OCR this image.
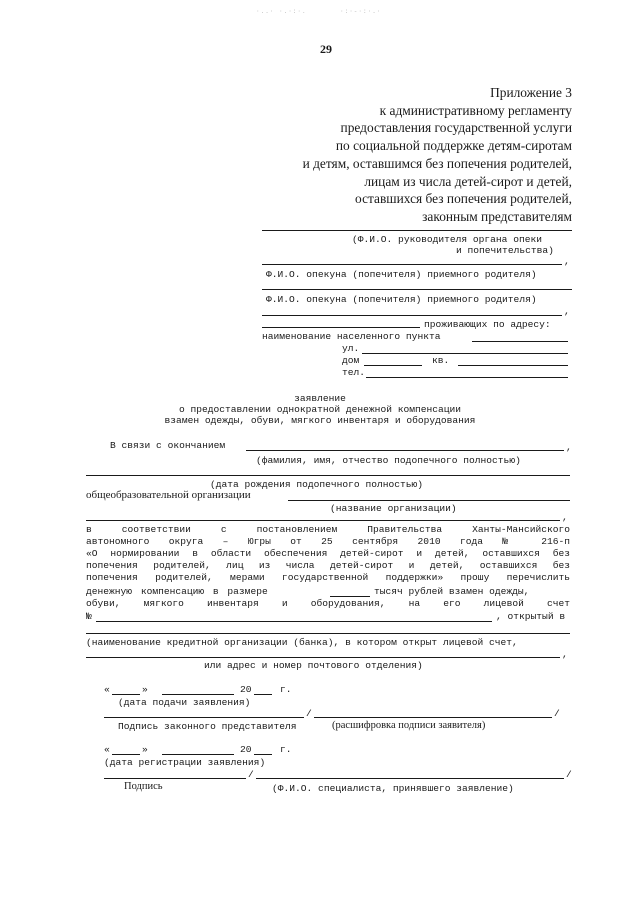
·..· ·.·:·.	·:·-·:·.·
29
Приложение 3
к административному регламенту
предоставления государственной услуги
по социальной поддержке детям-сиротам
и детям, оставшимся без попечения родителей,
лицам из числа детей-сирот и детей,
оставшихся без попечения родителей,
законным представителям
(Ф.И.О. руководителя органа опеки
и попечительства)
,
Ф.И.О. опекуна (попечителя) приемного родителя)
Ф.И.О. опекуна (попечителя) приемного родителя)
,
проживающих по адресу:
наименование населенного пункта
ул.
дом	кв.
тел.
заявление
о предоставлении однократной денежной компенсации
взамен одежды, обуви, мягкого инвентаря и оборудования
В связи с окончанием	,
(фамилия, имя, отчество подопечного полностью)
(дата рождения подопечного полностью)
общеобразовательной организации
(название организации)
,
в соответствии с постановлением Правительства Ханты-Мансийского
автономного округа – Югры от 25 сентября 2010 года № 216-п
«О нормировании в области обеспечения детей-сирот и детей, оставшихся без
попечения родителей, лиц из числа детей-сирот и детей, оставшихся без
попечения родителей, мерами государственной поддержки» прошу перечислить
денежную компенсацию в размере	тысяч рублей взамен одежды,
обуви, мягкого инвентаря и оборудования, на его лицевой счет
№	, открытый в
(наименование кредитной организации (банка), в котором открыт лицевой счет,
,
или адрес и номер почтового отделения)
«	»	20	г.
(дата подачи заявления)
/	/
Подпись законного представителя	(расшифровка подписи заявителя)
«	»	20	г.
(дата регистрации заявления)
/	/
Подпись	(Ф.И.О. специалиста, принявшего заявление)
